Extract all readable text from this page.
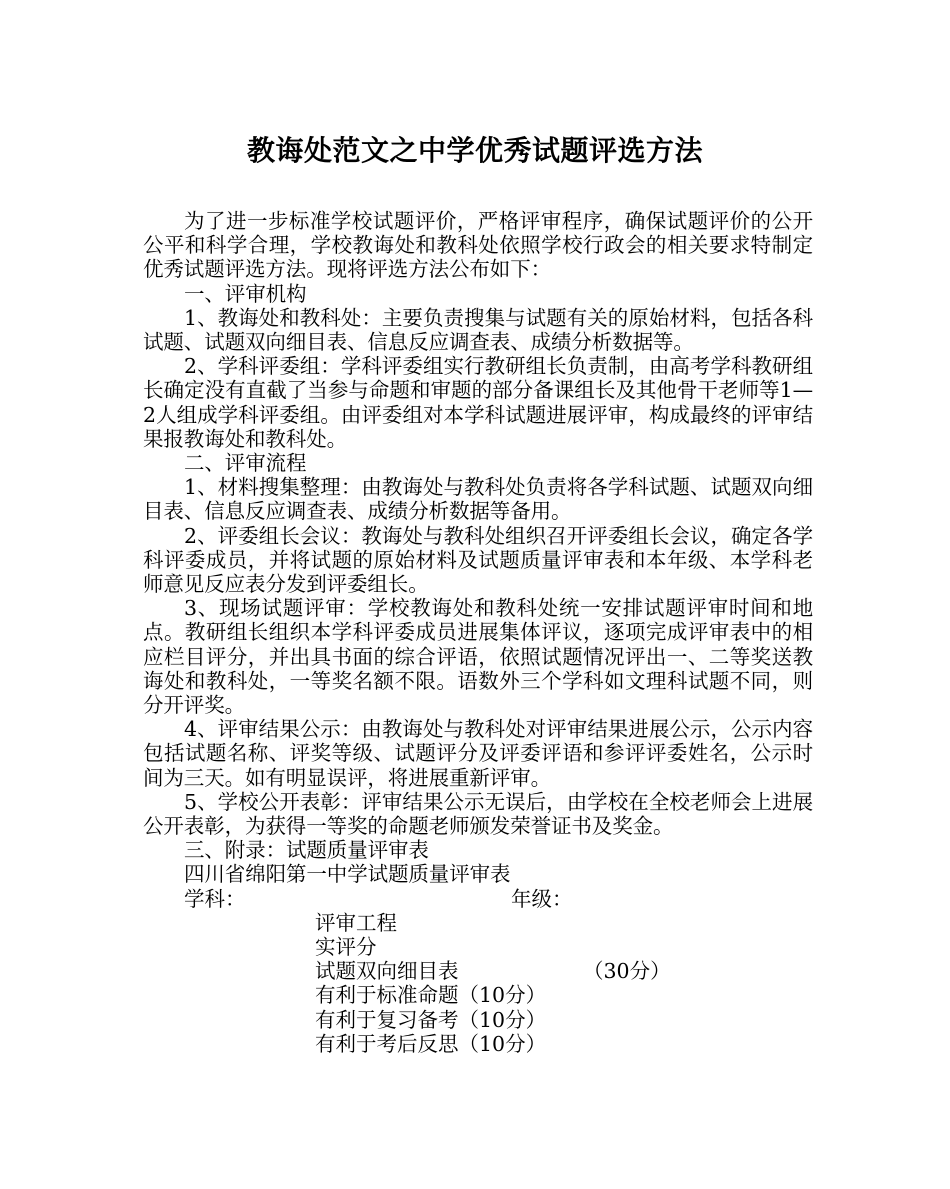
教诲处范文之中学优秀试题评选方法

为了进一步标准学校试题评价，严格评审程序，确保试题评价的公开公平和科学合理，学校教诲处和教科处依照学校行政会的相关要求特制定优秀试题评选方法。现将评选方法公布如下：

一、评审机构

1、教诲处和教科处：主要负责搜集与试题有关的原始材料，包括各科试题、试题双向细目表、信息反应调查表、成绩分析数据等。

2、学科评委组：学科评委组实行教研组长负责制，由高考学科教研组长确定没有直截了当参与命题和审题的部分备课组长及其他骨干老师等1—2人组成学科评委组。由评委组对本学科试题进展评审，构成最终的评审结果报教诲处和教科处。

二、评审流程

1、材料搜集整理：由教诲处与教科处负责将各学科试题、试题双向细目表、信息反应调查表、成绩分析数据等备用。

2、评委组长会议：教诲处与教科处组织召开评委组长会议，确定各学科评委成员，并将试题的原始材料及试题质量评审表和本年级、本学科老师意见反应表分发到评委组长。

3、现场试题评审：学校教诲处和教科处统一安排试题评审时间和地点。教研组长组织本学科评委成员进展集体评议，逐项完成评审表中的相应栏目评分，并出具书面的综合评语，依照试题情况评出一、二等奖送教诲处和教科处，一等奖名额不限。语数外三个学科如文理科试题不同，则分开评奖。

4、评审结果公示：由教诲处与教科处对评审结果进展公示，公示内容包括试题名称、评奖等级、试题评分及评委评语和参评评委姓名，公示时间为三天。如有明显误评，将进展重新评审。

5、学校公开表彰：评审结果公示无误后，由学校在全校老师会上进展公开表彰，为获得一等奖的命题老师颁发荣誉证书及奖金。

三、附录：试题质量评审表

四川省绵阳第一中学试题质量评审表

学科：	年级：
评审工程
实评分
试题双向细目表	（30分）
有利于标准命题（10分）
有利于复习备考（10分）
有利于考后反思（10分）
